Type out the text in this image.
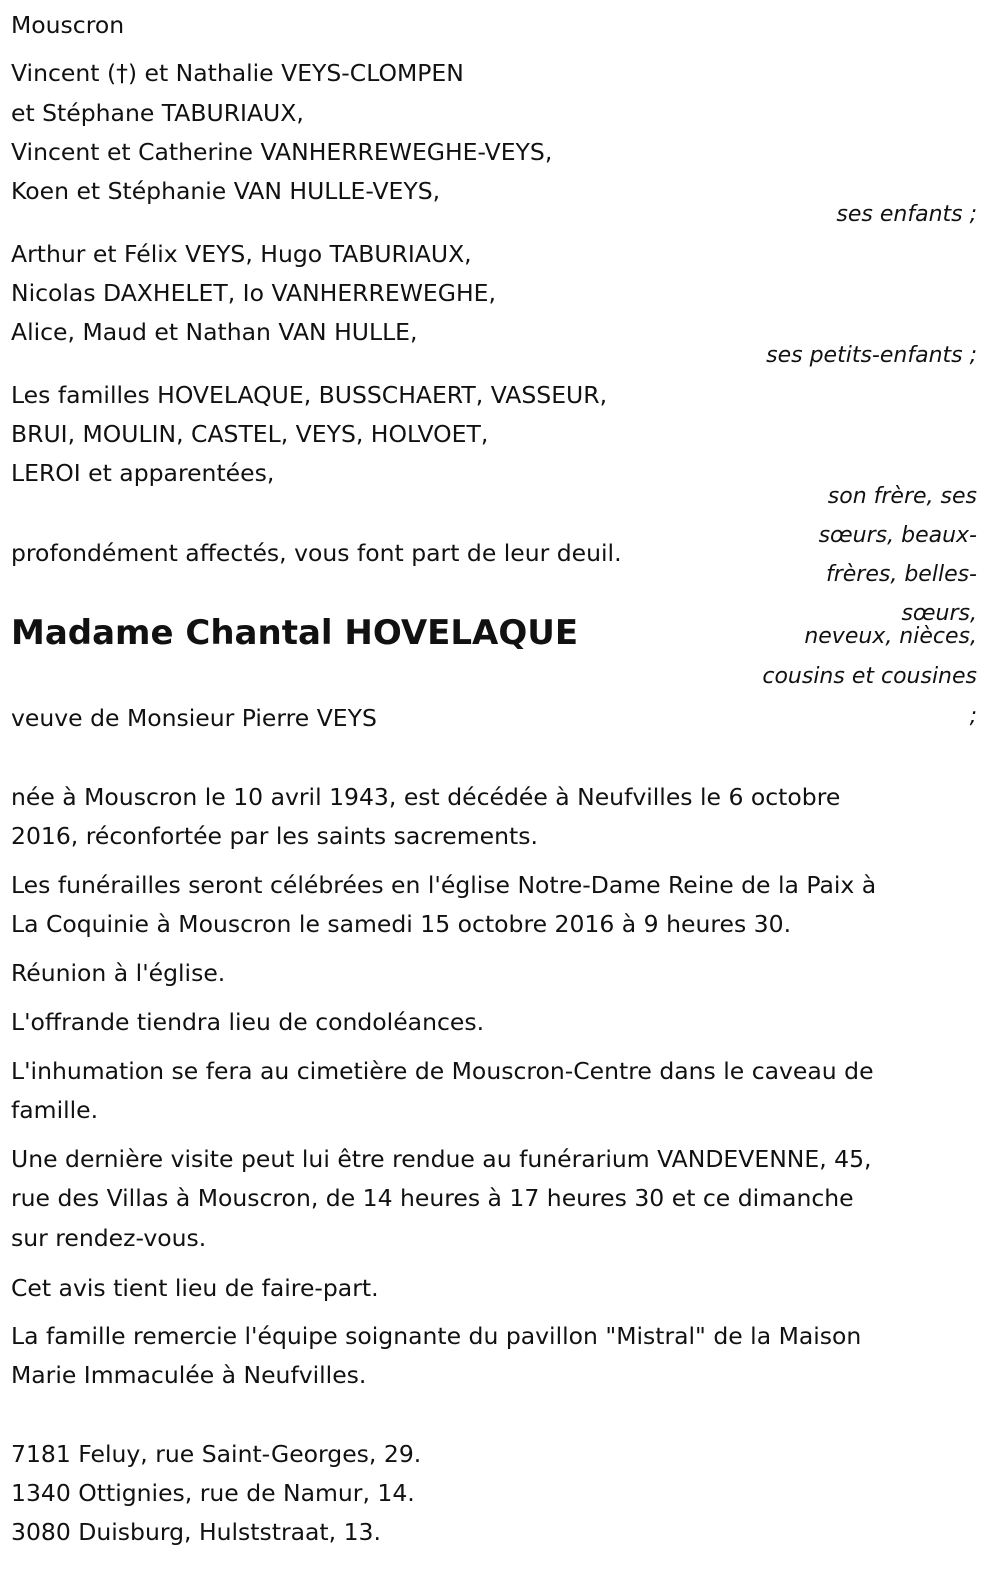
Mouscron
Vincent (†) et Nathalie VEYS-CLOMPEN
et Stéphane TABURIAUX,
Vincent et Catherine VANHERREWEGHE-VEYS,
Koen et Stéphanie VAN HULLE-VEYS,
ses enfants ;
Arthur et Félix VEYS, Hugo TABURIAUX,
Nicolas DAXHELET, Io VANHERREWEGHE,
Alice, Maud et Nathan VAN HULLE,
ses petits-enfants ;
Les familles HOVELAQUE, BUSSCHAERT, VASSEUR,
BRUI, MOULIN, CASTEL, VEYS, HOLVOET,
LEROI et apparentées,
son frère, ses
sœurs, beaux-
frères, belles-
sœurs,
neveux, nièces,
cousins et cousines
;
profondément affectés, vous font part de leur deuil.
Madame Chantal HOVELAQUE
veuve de Monsieur Pierre VEYS
née à Mouscron le 10 avril 1943, est décédée à Neufvilles le 6 octobre
2016, réconfortée par les saints sacrements.
Les funérailles seront célébrées en l'église Notre-Dame Reine de la Paix à
La Coquinie à Mouscron le samedi 15 octobre 2016 à 9 heures 30.
Réunion à l'église.
L'offrande tiendra lieu de condoléances.
L'inhumation se fera au cimetière de Mouscron-Centre dans le caveau de
famille.
Une dernière visite peut lui être rendue au funérarium VANDEVENNE, 45,
rue des Villas à Mouscron, de 14 heures à 17 heures 30 et ce dimanche
sur rendez-vous.
Cet avis tient lieu de faire-part.
La famille remercie l'équipe soignante du pavillon "Mistral" de la Maison
Marie Immaculée à Neufvilles.
7181 Feluy, rue Saint-Georges, 29.
1340 Ottignies, rue de Namur, 14.
3080 Duisburg, Hulststraat, 13.
